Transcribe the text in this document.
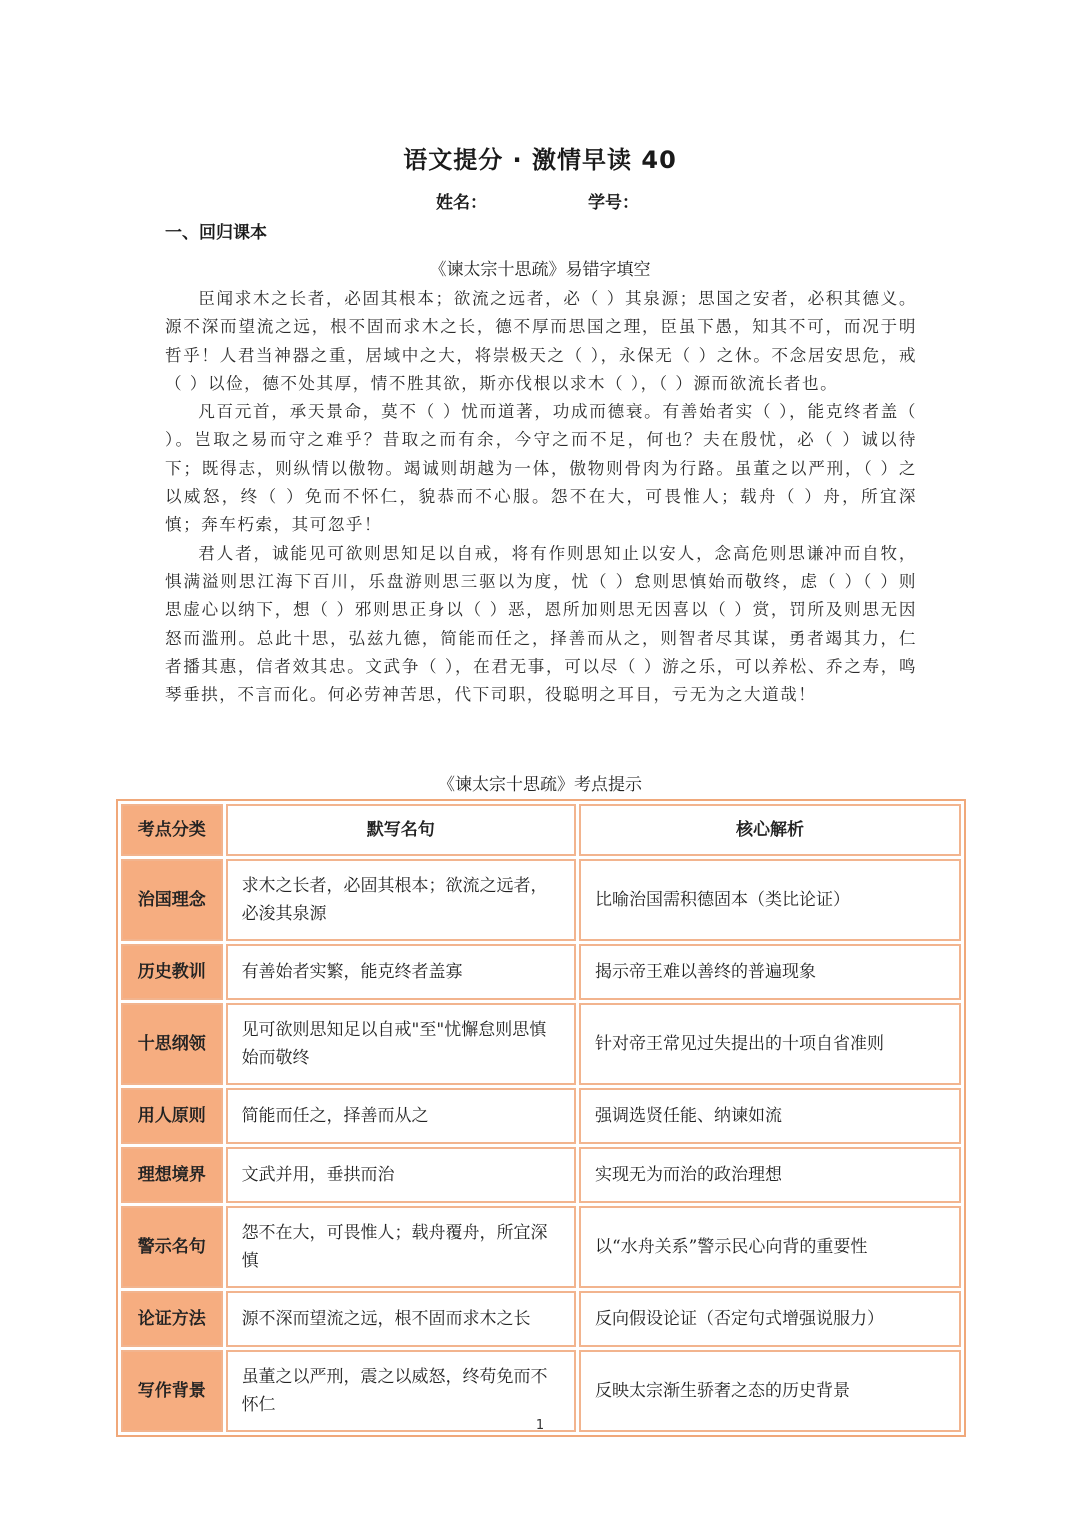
语文提分 · 激情早读 40
姓名：	学号：
一、回归课本
《谏太宗十思疏》易错字填空

臣闻求木之长者，必固其根本；欲流之远者，必（ ）其泉源；思国之安者，必积其德义。源不深而望流之远，根不固而求木之长，德不厚而思国之理，臣虽下愚，知其不可，而况于明哲乎！人君当神器之重，居域中之大，将崇极天之（ ），永保无（ ）之休。不念居安思危，戒（ ）以俭，德不处其厚，情不胜其欲，斯亦伐根以求木（ ），（ ）源而欲流长者也。

凡百元首，承天景命，莫不（ ）忧而道著，功成而德衰。有善始者实（ ），能克终者盖（ ）。岂取之易而守之难乎？昔取之而有余，今守之而不足，何也？夫在殷忧，必（ ）诚以待下；既得志，则纵情以傲物。竭诚则胡越为一体，傲物则骨肉为行路。虽董之以严刑，（ ）之以威怒，终（ ）免而不怀仁，貌恭而不心服。怨不在大，可畏惟人；载舟（ ）舟，所宜深慎；奔车朽索，其可忽乎！

君人者，诚能见可欲则思知足以自戒，将有作则思知止以安人，念高危则思谦冲而自牧，惧满溢则思江海下百川，乐盘游则思三驱以为度，忧（ ）怠则思慎始而敬终，虑（ ）（ ）则思虚心以纳下，想（ ）邪则思正身以（ ）恶，恩所加则思无因喜以（ ）赏，罚所及则思无因怒而滥刑。总此十思，弘兹九德，简能而任之，择善而从之，则智者尽其谋，勇者竭其力，仁者播其惠，信者效其忠。文武争（ ），在君无事，可以尽（ ）游之乐，可以养松、乔之寿，鸣琴垂拱，不言而化。何必劳神苦思，代下司职，役聪明之耳目，亏无为之大道哉！

《谏太宗十思疏》考点提示
考点分类	默写名句	核心解析
治国理念	求木之长者，必固其根本；欲流之远者，必浚其泉源	比喻治国需积德固本（类比论证）
历史教训	有善始者实繁，能克终者盖寡	揭示帝王难以善终的普遍现象
十思纲领	见可欲则思知足以自戒"至"忧懈怠则思慎始而敬终	针对帝王常见过失提出的十项自省准则
用人原则	简能而任之，择善而从之	强调选贤任能、纳谏如流
理想境界	文武并用，垂拱而治	实现无为而治的政治理想
警示名句	怨不在大，可畏惟人；载舟覆舟，所宜深慎	以“水舟关系”警示民心向背的重要性
论证方法	源不深而望流之远，根不固而求木之长	反向假设论证（否定句式增强说服力）
写作背景	虽董之以严刑，震之以威怒，终苟免而不怀仁	反映太宗渐生骄奢之态的历史背景
1
